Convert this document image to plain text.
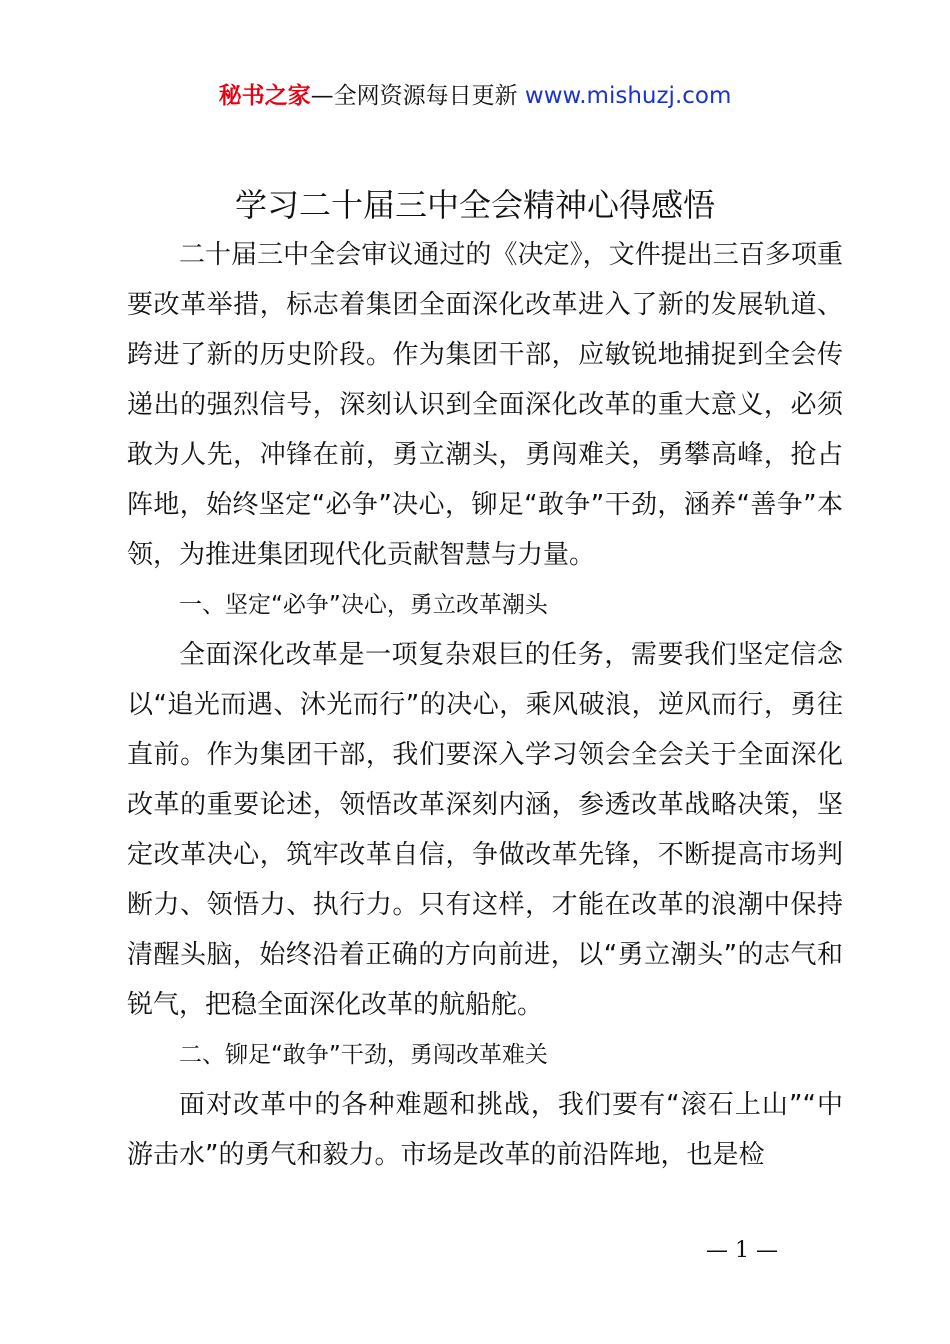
秘书之家—全网资源每日更新 www.mishuzj.com
学习二十届三中全会精神心得感悟

二十届三中全会审议通过的《决定》，文件提出三百多项重要改革举措，标志着集团全面深化改革进入了新的发展轨道、跨进了新的历史阶段。作为集团干部，应敏锐地捕捉到全会传递出的强烈信号，深刻认识到全面深化改革的重大意义，必须敢为人先，冲锋在前，勇立潮头，勇闯难关，勇攀高峰，抢占阵地，始终坚定“必争”决心，铆足“敢争”干劲，涵养“善争”本领，为推进集团现代化贡献智慧与力量。

一、坚定“必争”决心，勇立改革潮头

全面深化改革是一项复杂艰巨的任务，需要我们坚定信念以“追光而遇、沐光而行”的决心，乘风破浪，逆风而行，勇往直前。作为集团干部，我们要深入学习领会全会关于全面深化改革的重要论述，领悟改革深刻内涵，参透改革战略决策，坚定改革决心，筑牢改革自信，争做改革先锋，不断提高市场判断力、领悟力、执行力。只有这样，才能在改革的浪潮中保持清醒头脑，始终沿着正确的方向前进，以“勇立潮头”的志气和锐气，把稳全面深化改革的航船舵。

二、铆足“敢争”干劲，勇闯改革难关

面对改革中的各种难题和挑战，我们要有“滚石上山”“中游击水”的勇气和毅力。市场是改革的前沿阵地，也是检

— 1 —
